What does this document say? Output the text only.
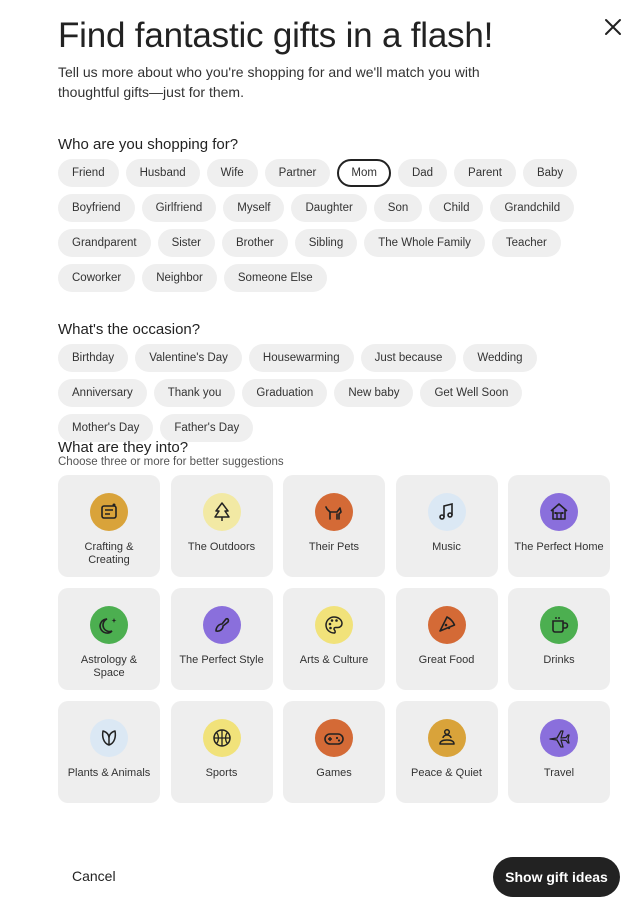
Find fantastic gifts in a flash!
Tell us more about who you're shopping for and we'll match you with thoughtful gifts—just for them.
Who are you shopping for?
Friend	Husband	Wife	Partner	Mom	Dad	Parent	Baby
Boyfriend	Girlfriend	Myself	Daughter	Son	Child	Grandchild
Grandparent	Sister	Brother	Sibling	The Whole Family	Teacher
Coworker	Neighbor	Someone Else
What's the occasion?
Birthday	Valentine's Day	Housewarming	Just because	Wedding
Anniversary	Thank you	Graduation	New baby	Get Well Soon
Mother's Day	Father's Day
What are they into?
Choose three or more for better suggestions
Crafting & Creating
The Outdoors	Their Pets	Music	The Perfect Home
Astrology & Space
The Perfect Style	Arts & Culture	Great Food	Drinks
Plants & Animals	Sports	Games	Peace & Quiet	Travel
Cancel	Show gift ideas
